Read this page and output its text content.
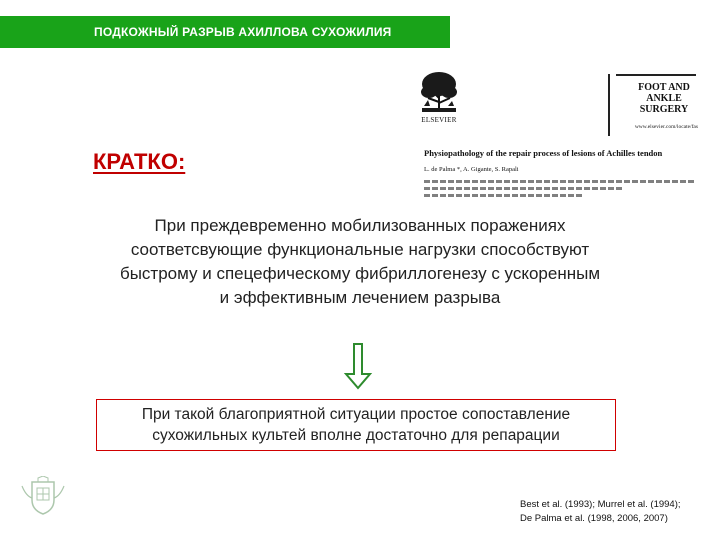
ПОДКОЖНЫЙ РАЗРЫВ АХИЛЛОВА СУХОЖИЛИЯ
ELSEVIER
FOOT AND
ANKLE
SURGERY
www.elsevier.com/locate/fas
Physiopathology of the repair process of lesions of Achilles tendon
L. de Palma *, A. Gigante, S. Rapali
КРАТКО:
При преждевременно мобилизованных поражениях
соответсвующие функциональные нагрузки способствуют
быстрому и спецефическому фибриллогенезу с ускоренным
и эффективным лечением разрыва
При такой благоприятной ситуации простое сопоставление
сухожильных культей вполне достаточно для репарации
Best et al. (1993); Murrel et al. (1994);
De Palma et al. (1998, 2006, 2007)
